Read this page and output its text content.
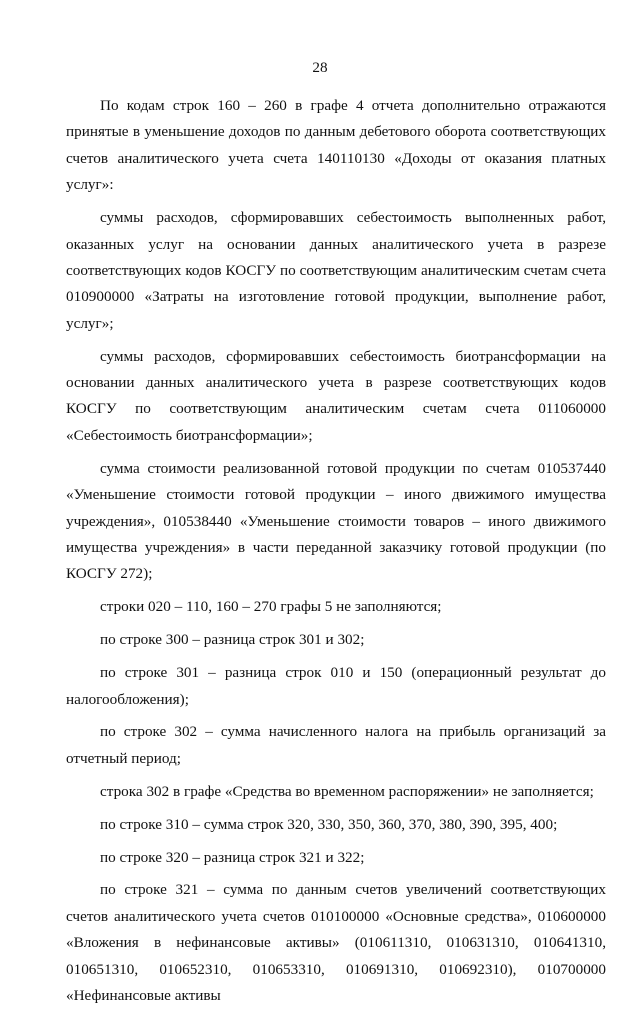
28

По кодам строк 160 – 260 в графе 4 отчета дополнительно отражаются принятые в уменьшение доходов по данным дебетового оборота соответствующих счетов аналитического учета счета 140110130 «Доходы от оказания платных услуг»:

суммы расходов, сформировавших себестоимость выполненных работ, оказанных услуг на основании данных аналитического учета в разрезе соответствующих кодов КОСГУ по соответствующим аналитическим счетам счета 010900000 «Затраты на изготовление готовой продукции, выполнение работ, услуг»;

суммы расходов, сформировавших себестоимость биотрансформации на основании данных аналитического учета в разрезе соответствующих кодов КОСГУ по соответствующим аналитическим счетам счета 011060000 «Себестоимость биотрансформации»;

сумма стоимости реализованной готовой продукции по счетам 010537440 «Уменьшение стоимости готовой продукции – иного движимого имущества учреждения», 010538440 «Уменьшение стоимости товаров – иного движимого имущества учреждения» в части переданной заказчику готовой продукции (по КОСГУ 272);

строки 020 – 110, 160 – 270 графы 5 не заполняются;

по строке 300 – разница строк 301 и 302;

по строке 301 – разница строк 010 и 150 (операционный результат до налогообложения);

по строке 302 – сумма начисленного налога на прибыль организаций за отчетный период;

строка 302 в графе «Средства во временном распоряжении» не заполняется;

по строке 310 – сумма строк 320, 330, 350, 360, 370, 380, 390, 395, 400;

по строке 320 – разница строк 321 и 322;

по строке 321 – сумма по данным счетов увеличений соответствующих счетов аналитического учета счетов 010100000 «Основные средства», 010600000 «Вложения в нефинансовые активы» (010611310, 010631310, 010641310, 010651310, 010652310, 010653310, 010691310, 010692310), 010700000 «Нефинансовые активы
